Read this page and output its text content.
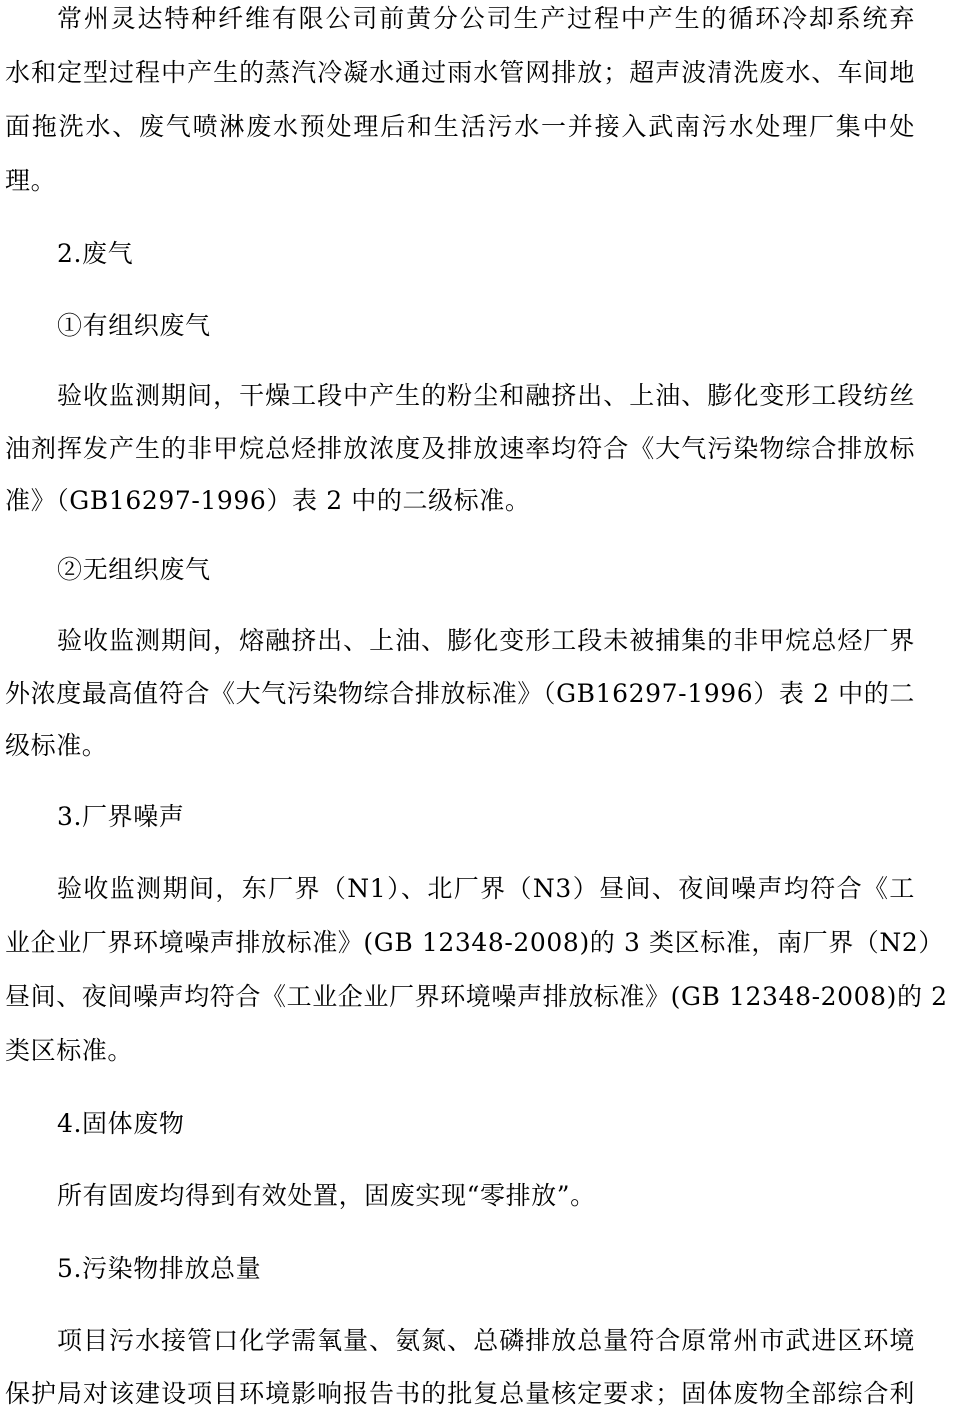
常州灵达特种纤维有限公司前黄分公司生产过程中产生的循环冷却系统弃
水和定型过程中产生的蒸汽冷凝水通过雨水管网排放；超声波清洗废水、车间地
面拖洗水、废气喷淋废水预处理后和生活污水一并接入武南污水处理厂集中处
理。
2.废气
①有组织废气
验收监测期间，干燥工段中产生的粉尘和融挤出、上油、膨化变形工段纺丝
油剂挥发产生的非甲烷总烃排放浓度及排放速率均符合《大气污染物综合排放标
准》（GB16297-1996）表 2 中的二级标准。
②无组织废气
验收监测期间，熔融挤出、上油、膨化变形工段未被捕集的非甲烷总烃厂界
外浓度最高值符合《大气污染物综合排放标准》（GB16297-1996）表 2 中的二
级标准。
3.厂界噪声
验收监测期间，东厂界（N1）、北厂界（N3）昼间、夜间噪声均符合《工
业企业厂界环境噪声排放标准》(GB 12348-2008)的 3 类区标准，南厂界（N2）
昼间、夜间噪声均符合《工业企业厂界环境噪声排放标准》(GB 12348-2008)的 2
类区标准。
4.固体废物
所有固废均得到有效处置，固废实现“零排放”。
5.污染物排放总量
项目污水接管口化学需氧量、氨氮、总磷排放总量符合原常州市武进区环境
保护局对该建设项目环境影响报告书的批复总量核定要求；固体废物全部综合利
